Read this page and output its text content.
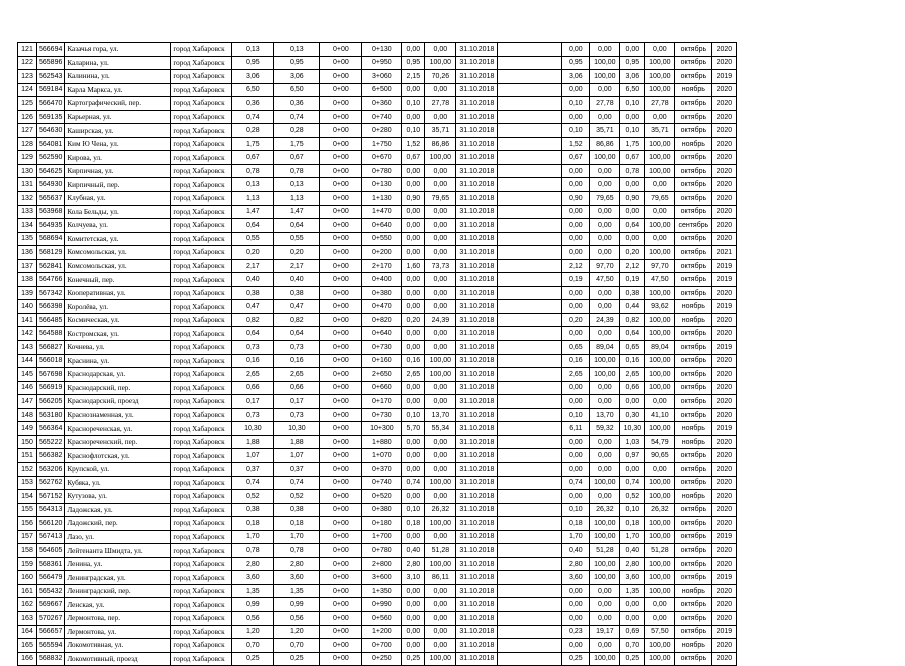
121	566694	Казачья гора, ул.	город Хабаровск	0,13	0,13	0+00	0+130	0,00	0,00	31.10.2018		0,00	0,00	0,00	0,00	октябрь	2020
122	565896	Каларина, ул.	город Хабаровск	0,95	0,95	0+00	0+950	0,95	100,00	31.10.2018		0,95	100,00	0,95	100,00	октябрь	2020
123	562543	Калинина, ул.	город Хабаровск	3,06	3,06	0+00	3+060	2,15	70,26	31.10.2018		3,06	100,00	3,06	100,00	октябрь	2019
124	569184	Карла Маркса, ул.	город Хабаровск	6,50	6,50	0+00	6+500	0,00	0,00	31.10.2018		0,00	0,00	6,50	100,00	ноябрь	2020
125	566470	Картографический, пер.	город Хабаровск	0,36	0,36	0+00	0+360	0,10	27,78	31.10.2018		0,10	27,78	0,10	27,78	октябрь	2020
126	569135	Карьерная, ул.	город Хабаровск	0,74	0,74	0+00	0+740	0,00	0,00	31.10.2018		0,00	0,00	0,00	0,00	октябрь	2020
127	564630	Каширская, ул.	город Хабаровск	0,28	0,28	0+00	0+280	0,10	35,71	31.10.2018		0,10	35,71	0,10	35,71	октябрь	2020
128	564081	Ким Ю Чена, ул.	город Хабаровск	1,75	1,75	0+00	1+750	1,52	86,86	31.10.2018		1,52	86,86	1,75	100,00	ноябрь	2020
129	562590	Кирова, ул.	город Хабаровск	0,67	0,67	0+00	0+670	0,67	100,00	31.10.2018		0,67	100,00	0,67	100,00	октябрь	2020
130	564625	Кирпичная, ул.	город Хабаровск	0,78	0,78	0+00	0+780	0,00	0,00	31.10.2018		0,00	0,00	0,78	100,00	октябрь	2020
131	564930	Кирпичный, пер.	город Хабаровск	0,13	0,13	0+00	0+130	0,00	0,00	31.10.2018		0,00	0,00	0,00	0,00	октябрь	2020
132	565637	Клубная, ул.	город Хабаровск	1,13	1,13	0+00	1+130	0,90	79,65	31.10.2018		0,90	79,65	0,90	79,65	октябрь	2020
133	563968	Кола Бельды, ул.	город Хабаровск	1,47	1,47	0+00	1+470	0,00	0,00	31.10.2018		0,00	0,00	0,00	0,00	октябрь	2020
134	564935	Колчуева, ул.	город Хабаровск	0,64	0,64	0+00	0+640	0,00	0,00	31.10.2018		0,00	0,00	0,64	100,00	сентябрь	2020
135	568694	Комитетская, ул.	город Хабаровск	0,55	0,55	0+00	0+550	0,00	0,00	31.10.2018		0,00	0,00	0,00	0,00	октябрь	2020
136	568129	Комсомольская, ул.	город Хабаровск	0,20	0,20	0+00	0+200	0,00	0,00	31.10.2018		0,00	0,00	0,20	100,00	октябрь	2021
137	562841	Комсомольская, ул.	город Хабаровск	2,17	2,17	0+00	2+170	1,60	73,73	31.10.2018		2,12	97,70	2,12	97,70	октябрь	2019
138	564766	Конечный, пер.	город Хабаровск	0,40	0,40	0+00	0+400	0,00	0,00	31.10.2018		0,19	47,50	0,19	47,50	октябрь	2019
139	567342	Кооперативная, ул.	город Хабаровск	0,38	0,38	0+00	0+380	0,00	0,00	31.10.2018		0,00	0,00	0,38	100,00	октябрь	2020
140	566398	Королёва, ул.	город Хабаровск	0,47	0,47	0+00	0+470	0,00	0,00	31.10.2018		0,00	0,00	0,44	93,62	ноябрь	2019
141	566485	Космическая, ул.	город Хабаровск	0,82	0,82	0+00	0+820	0,20	24,39	31.10.2018		0,20	24,39	0,82	100,00	ноябрь	2020
142	564588	Костромская, ул.	город Хабаровск	0,64	0,64	0+00	0+640	0,00	0,00	31.10.2018		0,00	0,00	0,64	100,00	октябрь	2020
143	566827	Кочнева, ул.	город Хабаровск	0,73	0,73	0+00	0+730	0,00	0,00	31.10.2018		0,65	89,04	0,65	89,04	октябрь	2019
144	566018	Краснина, ул.	город Хабаровск	0,16	0,16	0+00	0+160	0,16	100,00	31.10.2018		0,16	100,00	0,16	100,00	октябрь	2020
145	567698	Краснодарская, ул.	город Хабаровск	2,65	2,65	0+00	2+650	2,65	100,00	31.10.2018		2,65	100,00	2,65	100,00	октябрь	2020
146	566919	Краснодарский, пер.	город Хабаровск	0,66	0,66	0+00	0+660	0,00	0,00	31.10.2018		0,00	0,00	0,66	100,00	октябрь	2020
147	566205	Краснодарский, проезд	город Хабаровск	0,17	0,17	0+00	0+170	0,00	0,00	31.10.2018		0,00	0,00	0,00	0,00	октябрь	2020
148	563180	Краснознаменная, ул.	город Хабаровск	0,73	0,73	0+00	0+730	0,10	13,70	31.10.2018		0,10	13,70	0,30	41,10	октябрь	2020
149	566364	Краснореченская, ул.	город Хабаровск	10,30	10,30	0+00	10+300	5,70	55,34	31.10.2018		6,11	59,32	10,30	100,00	ноябрь	2019
150	565222	Краснореченский, пер.	город Хабаровск	1,88	1,88	0+00	1+880	0,00	0,00	31.10.2018		0,00	0,00	1,03	54,79	ноябрь	2020
151	566382	Краснофлотская, ул.	город Хабаровск	1,07	1,07	0+00	1+070	0,00	0,00	31.10.2018		0,00	0,00	0,97	90,65	октябрь	2020
152	563206	Крупской, ул.	город Хабаровск	0,37	0,37	0+00	0+370	0,00	0,00	31.10.2018		0,00	0,00	0,00	0,00	октябрь	2020
153	562762	Кубяка, ул.	город Хабаровск	0,74	0,74	0+00	0+740	0,74	100,00	31.10.2018		0,74	100,00	0,74	100,00	октябрь	2020
154	567152	Кутузова, ул.	город Хабаровск	0,52	0,52	0+00	0+520	0,00	0,00	31.10.2018		0,00	0,00	0,52	100,00	ноябрь	2020
155	564313	Ладожская, ул.	город Хабаровск	0,38	0,38	0+00	0+380	0,10	26,32	31.10.2018		0,10	26,32	0,10	26,32	октябрь	2020
156	566120	Ладожский, пер.	город Хабаровск	0,18	0,18	0+00	0+180	0,18	100,00	31.10.2018		0,18	100,00	0,18	100,00	октябрь	2020
157	567413	Лазо, ул.	город Хабаровск	1,70	1,70	0+00	1+700	0,00	0,00	31.10.2018		1,70	100,00	1,70	100,00	октябрь	2019
158	564605	Лейтенанта Шмидта, ул.	город Хабаровск	0,78	0,78	0+00	0+780	0,40	51,28	31.10.2018		0,40	51,28	0,40	51,28	октябрь	2020
159	568361	Ленина, ул.	город Хабаровск	2,80	2,80	0+00	2+800	2,80	100,00	31.10.2018		2,80	100,00	2,80	100,00	октябрь	2020
160	566479	Ленинградская, ул.	город Хабаровск	3,60	3,60	0+00	3+600	3,10	86,11	31.10.2018		3,60	100,00	3,60	100,00	октябрь	2019
161	565432	Ленинградский, пер.	город Хабаровск	1,35	1,35	0+00	1+350	0,00	0,00	31.10.2018		0,00	0,00	1,35	100,00	ноябрь	2020
162	569667	Ленская, ул.	город Хабаровск	0,99	0,99	0+00	0+990	0,00	0,00	31.10.2018		0,00	0,00	0,00	0,00	октябрь	2020
163	570267	Лермонтова, пер.	город Хабаровск	0,56	0,56	0+00	0+560	0,00	0,00	31.10.2018		0,00	0,00	0,00	0,00	октябрь	2020
164	566657	Лермонтова, ул.	город Хабаровск	1,20	1,20	0+00	1+200	0,00	0,00	31.10.2018		0,23	19,17	0,69	57,50	октябрь	2019
165	565594	Локомотивная, ул.	город Хабаровск	0,70	0,70	0+00	0+700	0,00	0,00	31.10.2018		0,00	0,00	0,70	100,00	ноябрь	2020
166	568832	Локомотивный, проезд	город Хабаровск	0,25	0,25	0+00	0+250	0,25	100,00	31.10.2018		0,25	100,00	0,25	100,00	октябрь	2020
